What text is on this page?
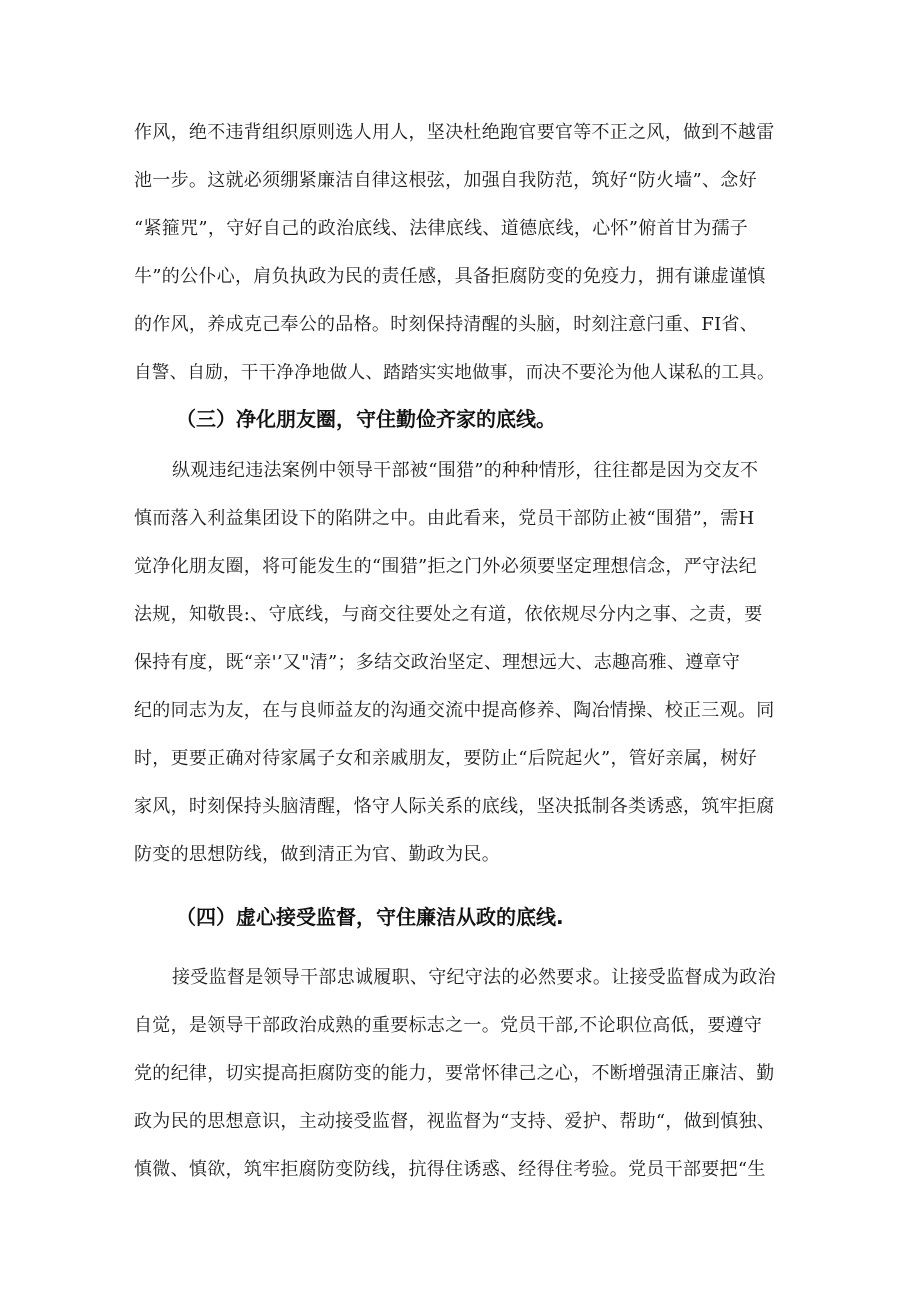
作风，绝不违背组织原则选人用人，坚决杜绝跑官要官等不正之风，做到不越雷
池一步。这就必须绷紧廉洁自律这根弦，加强自我防范，筑好“防火墙”、念好
“紧箍咒”，守好自己的政治底线、法律底线、道德底线，心怀”俯首甘为孺子
牛”的公仆心，肩负执政为民的责任感，具备拒腐防变的免疫力，拥有谦虚谨慎
的作风，养成克己奉公的品格。时刻保持清醒的头脑，时刻注意闩重、FI省、
自警、自励，干干净净地做人、踏踏实实地做事，而决不要沦为他人谋私的工具。
（三）净化朋友圈，守住勤俭齐家的底线。
纵观违纪违法案例中领导干部被“围猎”的种种情形，往往都是因为交友不
慎而落入利益集团设下的陷阱之中。由此看来，党员干部防止被“围猎”，需H
觉净化朋友圈，将可能发生的“围猎”拒之门外必须要坚定理想信念，严守法纪
法规，知敬畏:、守底线，与商交往要处之有道，依依规尽分内之事、之责，要
保持有度，既“亲'’又"清”；多结交政治坚定、理想远大、志趣高雅、遵章守
纪的同志为友，在与良师益友的沟通交流中提高修养、陶冶情操、校正三观。同
时，更要正确对待家属子女和亲戚朋友，要防止“后院起火”，管好亲属，树好
家风，时刻保持头脑清醒，恪守人际关系的底线，坚决抵制各类诱惑，筑牢拒腐
防变的思想防线，做到清正为官、勤政为民。
（四）虚心接受监督，守住廉洁从政的底线.
接受监督是领导干部忠诚履职、守纪守法的必然要求。让接受监督成为政治
自觉，是领导干部政治成熟的重要标志之一。党员干部,不论职位高低，要遵守
党的纪律，切实提高拒腐防变的能力，要常怀律己之心，不断增强清正廉洁、勤
政为民的思想意识，主动接受监督，视监督为“支持、爱护、帮助“，做到慎独、
慎微、慎欲，筑牢拒腐防变防线，抗得住诱惑、经得住考验。党员干部要把“生
